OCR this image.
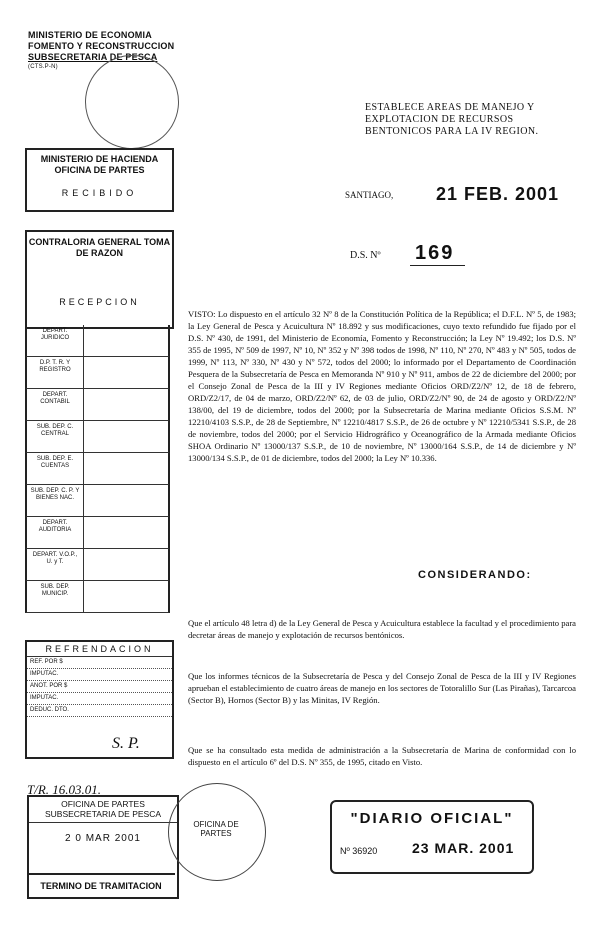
MINISTERIO DE ECONOMIA
FOMENTO Y RECONSTRUCCION
SUBSECRETARIA DE PESCA
(CTS.P-N)
ESTABLECE AREAS DE MANEJO Y EXPLOTACION DE RECURSOS BENTONICOS PARA LA IV REGION.
MINISTERIO DE HACIENDA OFICINA DE PARTES
RECIBIDO
CONTRALORIA GENERAL TOMA DE RAZON
RECEPCION
DEPART. JURIDICO
D.P. T. R. Y REGISTRO
DEPART. CONTABIL
SUB. DEP. C. CENTRAL
SUB. DEP. E. CUENTAS
SUB. DEP. C. P. Y BIENES NAC.
DEPART. AUDITORIA
DEPART. V.O.P., U. y T.
SUB. DEP. MUNICIP.
REFRENDACION
REF. POR $
IMPUTAC.
ANOT. POR $
IMPUTAC.
DEDUC. DTO.
S. P.
SANTIAGO, 21 FEB. 2001
D.S. Nº 169
VISTO: Lo dispuesto en el artículo 32 Nº 8 de la Constitución Política de la República; el D.F.L. Nº 5, de 1983; la Ley General de Pesca y Acuicultura Nº 18.892 y sus modificaciones, cuyo texto refundido fue fijado por el D.S. Nº 430, de 1991, del Ministerio de Economía, Fomento y Reconstrucción; la Ley Nº 19.492; los D.S. Nº 355 de 1995, Nº 509 de 1997, Nº 10, Nº 352 y Nº 398 todos de 1998, Nº 110, Nº 270, Nº 483 y Nº 505, todos de 1999, Nº 113, Nº 330, Nº 430 y Nº 572, todos del 2000; lo informado por el Departamento de Coordinación Pesquera de la Subsecretaría de Pesca en Memoranda Nº 910 y Nº 911, ambos de 22 de diciembre del 2000; por el Consejo Zonal de Pesca de la III y IV Regiones mediante Oficios ORD/Z2/Nº 12, de 18 de febrero, ORD/Z2/17, de 04 de marzo, ORD/Z2/Nº 62, de 03 de julio, ORD/Z2/Nº 90, de 24 de agosto y ORD/Z2/Nº 138/00, del 19 de diciembre, todos del 2000; por la Subsecretaría de Marina mediante Oficios S.S.M. Nº 12210/4103 S.S.P., de 28 de Septiembre, Nº 12210/4817 S.S.P., de 26 de octubre y Nº 12210/5341 S.S.P., de 28 de noviembre, todos del 2000; por el Servicio Hidrográfico y Oceanográfico de la Armada mediante Oficios SHOA Ordinario Nº 13000/137 S.S.P., de 10 de noviembre, Nº 13000/164 S.S.P., de 14 de diciembre y Nº 13000/134 S.S.P., de 01 de diciembre, todos del 2000; la Ley Nº 10.336.
CONSIDERANDO:
Que el artículo 48 letra d) de la Ley General de Pesca y Acuicultura establece la facultad y el procedimiento para decretar áreas de manejo y explotación de recursos bentónicos.
Que los informes técnicos de la Subsecretaría de Pesca y del Consejo Zonal de Pesca de la III y IV Regiones aprueban el establecimiento de cuatro áreas de manejo en los sectores de Totoralillo Sur (Las Pirañas), Tarcarcoa (Sector B), Hornos (Sector B) y las Minitas, IV Región.
Que se ha consultado esta medida de administración a la Subsecretaría de Marina de conformidad con lo dispuesto en el artículo 6º del D.S. Nº 355, de 1995, citado en Visto.
T/R. 16.03.01.
OFICINA DE PARTES SUBSECRETARIA DE PESCA
2 0 MAR 2001
TERMINO DE TRAMITACION
OFICINA DE PARTES
"DIARIO OFICIAL"
Nº 36920 23 MAR. 2001
